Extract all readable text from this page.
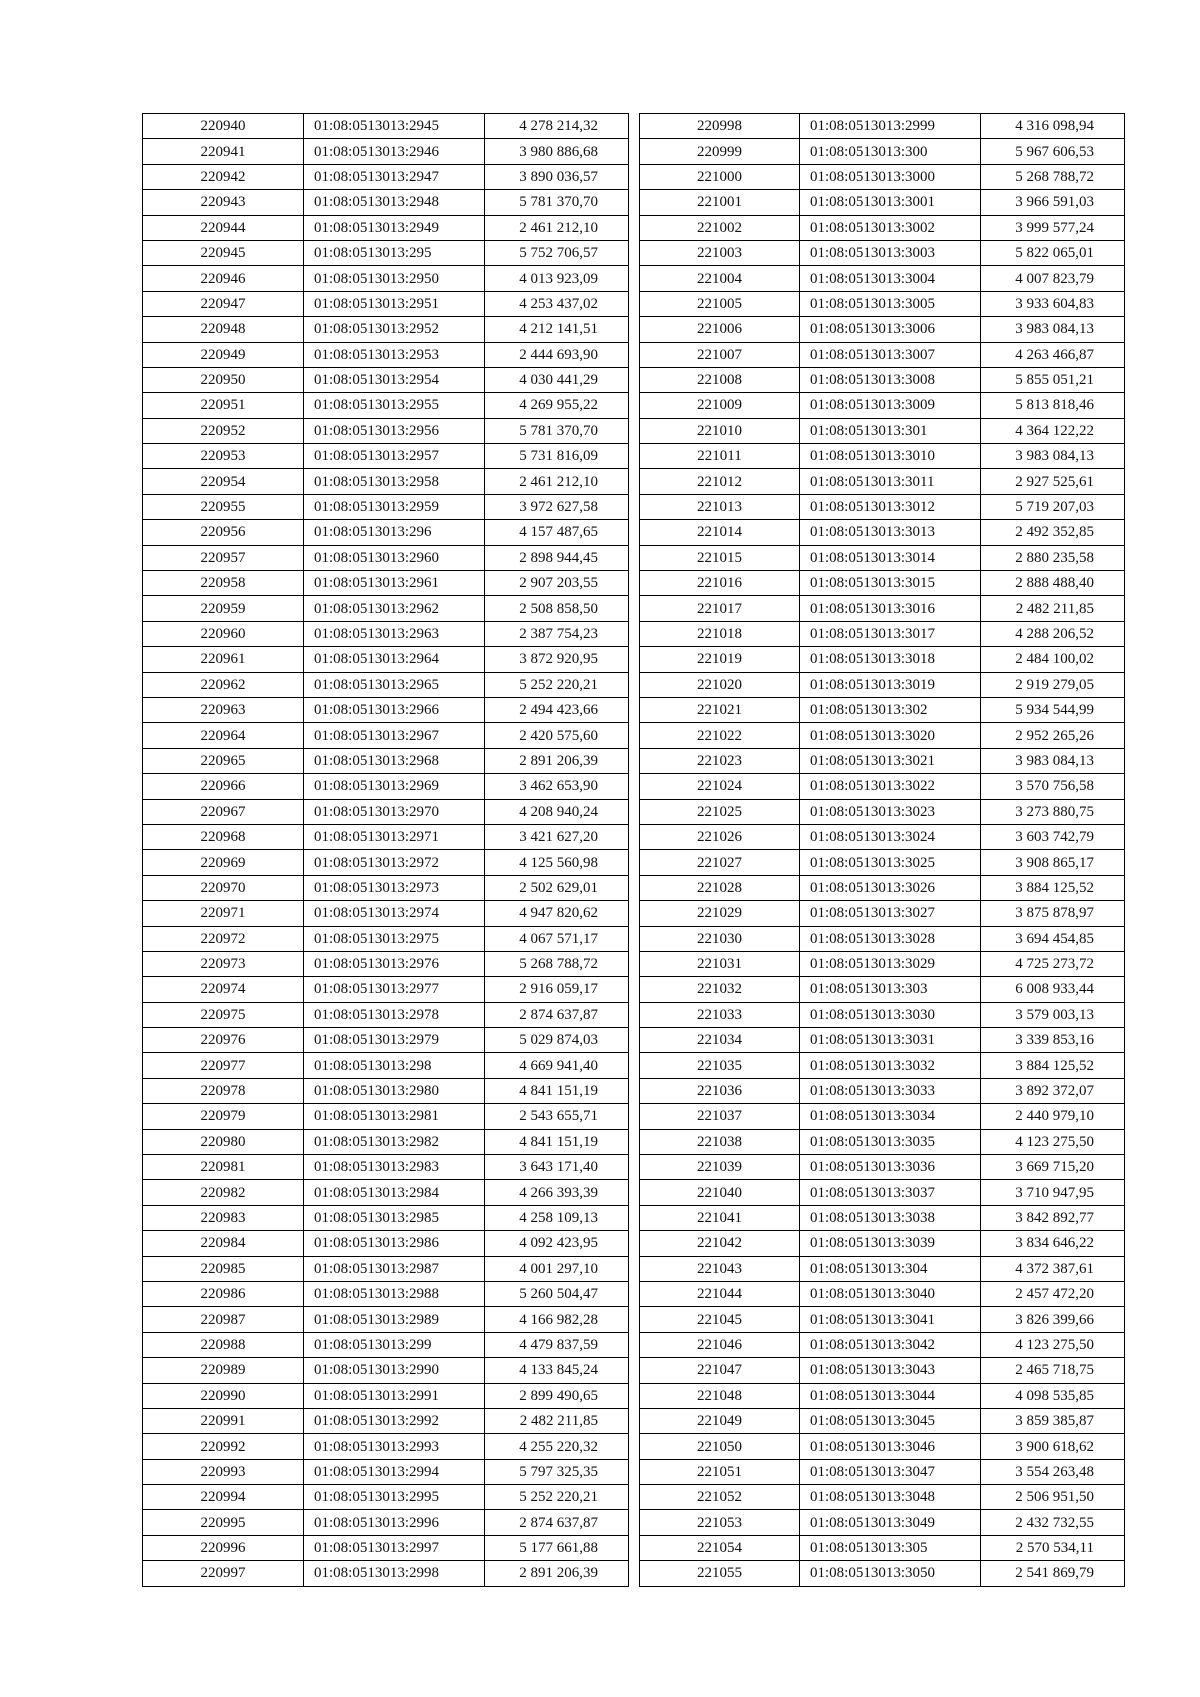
220940	01:08:0513013:2945	4 278 214,32
220941	01:08:0513013:2946	3 980 886,68
220942	01:08:0513013:2947	3 890 036,57
220943	01:08:0513013:2948	5 781 370,70
220944	01:08:0513013:2949	2 461 212,10
220945	01:08:0513013:295	5 752 706,57
220946	01:08:0513013:2950	4 013 923,09
220947	01:08:0513013:2951	4 253 437,02
220948	01:08:0513013:2952	4 212 141,51
220949	01:08:0513013:2953	2 444 693,90
220950	01:08:0513013:2954	4 030 441,29
220951	01:08:0513013:2955	4 269 955,22
220952	01:08:0513013:2956	5 781 370,70
220953	01:08:0513013:2957	5 731 816,09
220954	01:08:0513013:2958	2 461 212,10
220955	01:08:0513013:2959	3 972 627,58
220956	01:08:0513013:296	4 157 487,65
220957	01:08:0513013:2960	2 898 944,45
220958	01:08:0513013:2961	2 907 203,55
220959	01:08:0513013:2962	2 508 858,50
220960	01:08:0513013:2963	2 387 754,23
220961	01:08:0513013:2964	3 872 920,95
220962	01:08:0513013:2965	5 252 220,21
220963	01:08:0513013:2966	2 494 423,66
220964	01:08:0513013:2967	2 420 575,60
220965	01:08:0513013:2968	2 891 206,39
220966	01:08:0513013:2969	3 462 653,90
220967	01:08:0513013:2970	4 208 940,24
220968	01:08:0513013:2971	3 421 627,20
220969	01:08:0513013:2972	4 125 560,98
220970	01:08:0513013:2973	2 502 629,01
220971	01:08:0513013:2974	4 947 820,62
220972	01:08:0513013:2975	4 067 571,17
220973	01:08:0513013:2976	5 268 788,72
220974	01:08:0513013:2977	2 916 059,17
220975	01:08:0513013:2978	2 874 637,87
220976	01:08:0513013:2979	5 029 874,03
220977	01:08:0513013:298	4 669 941,40
220978	01:08:0513013:2980	4 841 151,19
220979	01:08:0513013:2981	2 543 655,71
220980	01:08:0513013:2982	4 841 151,19
220981	01:08:0513013:2983	3 643 171,40
220982	01:08:0513013:2984	4 266 393,39
220983	01:08:0513013:2985	4 258 109,13
220984	01:08:0513013:2986	4 092 423,95
220985	01:08:0513013:2987	4 001 297,10
220986	01:08:0513013:2988	5 260 504,47
220987	01:08:0513013:2989	4 166 982,28
220988	01:08:0513013:299	4 479 837,59
220989	01:08:0513013:2990	4 133 845,24
220990	01:08:0513013:2991	2 899 490,65
220991	01:08:0513013:2992	2 482 211,85
220992	01:08:0513013:2993	4 255 220,32
220993	01:08:0513013:2994	5 797 325,35
220994	01:08:0513013:2995	5 252 220,21
220995	01:08:0513013:2996	2 874 637,87
220996	01:08:0513013:2997	5 177 661,88
220997	01:08:0513013:2998	2 891 206,39
220998	01:08:0513013:2999	4 316 098,94
220999	01:08:0513013:300	5 967 606,53
221000	01:08:0513013:3000	5 268 788,72
221001	01:08:0513013:3001	3 966 591,03
221002	01:08:0513013:3002	3 999 577,24
221003	01:08:0513013:3003	5 822 065,01
221004	01:08:0513013:3004	4 007 823,79
221005	01:08:0513013:3005	3 933 604,83
221006	01:08:0513013:3006	3 983 084,13
221007	01:08:0513013:3007	4 263 466,87
221008	01:08:0513013:3008	5 855 051,21
221009	01:08:0513013:3009	5 813 818,46
221010	01:08:0513013:301	4 364 122,22
221011	01:08:0513013:3010	3 983 084,13
221012	01:08:0513013:3011	2 927 525,61
221013	01:08:0513013:3012	5 719 207,03
221014	01:08:0513013:3013	2 492 352,85
221015	01:08:0513013:3014	2 880 235,58
221016	01:08:0513013:3015	2 888 488,40
221017	01:08:0513013:3016	2 482 211,85
221018	01:08:0513013:3017	4 288 206,52
221019	01:08:0513013:3018	2 484 100,02
221020	01:08:0513013:3019	2 919 279,05
221021	01:08:0513013:302	5 934 544,99
221022	01:08:0513013:3020	2 952 265,26
221023	01:08:0513013:3021	3 983 084,13
221024	01:08:0513013:3022	3 570 756,58
221025	01:08:0513013:3023	3 273 880,75
221026	01:08:0513013:3024	3 603 742,79
221027	01:08:0513013:3025	3 908 865,17
221028	01:08:0513013:3026	3 884 125,52
221029	01:08:0513013:3027	3 875 878,97
221030	01:08:0513013:3028	3 694 454,85
221031	01:08:0513013:3029	4 725 273,72
221032	01:08:0513013:303	6 008 933,44
221033	01:08:0513013:3030	3 579 003,13
221034	01:08:0513013:3031	3 339 853,16
221035	01:08:0513013:3032	3 884 125,52
221036	01:08:0513013:3033	3 892 372,07
221037	01:08:0513013:3034	2 440 979,10
221038	01:08:0513013:3035	4 123 275,50
221039	01:08:0513013:3036	3 669 715,20
221040	01:08:0513013:3037	3 710 947,95
221041	01:08:0513013:3038	3 842 892,77
221042	01:08:0513013:3039	3 834 646,22
221043	01:08:0513013:304	4 372 387,61
221044	01:08:0513013:3040	2 457 472,20
221045	01:08:0513013:3041	3 826 399,66
221046	01:08:0513013:3042	4 123 275,50
221047	01:08:0513013:3043	2 465 718,75
221048	01:08:0513013:3044	4 098 535,85
221049	01:08:0513013:3045	3 859 385,87
221050	01:08:0513013:3046	3 900 618,62
221051	01:08:0513013:3047	3 554 263,48
221052	01:08:0513013:3048	2 506 951,50
221053	01:08:0513013:3049	2 432 732,55
221054	01:08:0513013:305	2 570 534,11
221055	01:08:0513013:3050	2 541 869,79
